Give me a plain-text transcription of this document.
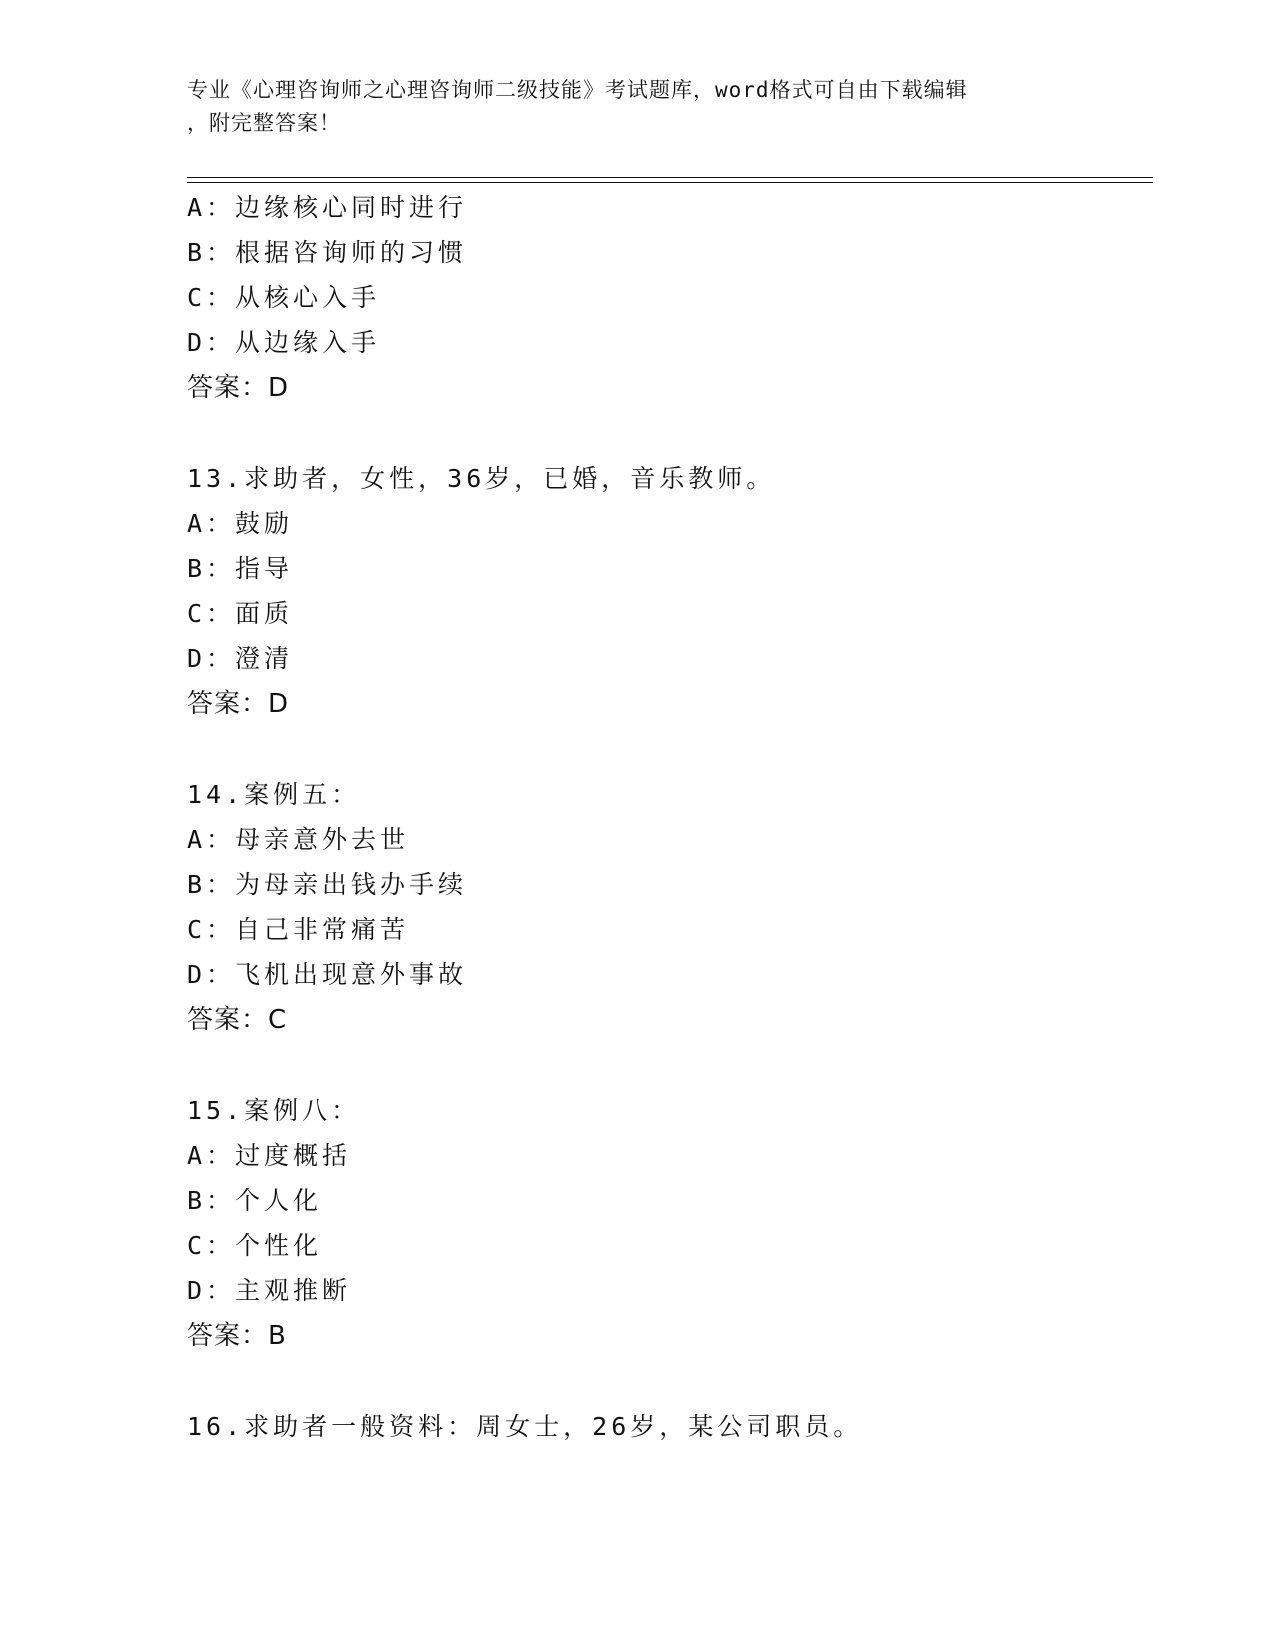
专业《心理咨询师之心理咨询师二级技能》考试题库，word格式可自由下载编辑
，附完整答案！
A：边缘核心同时进行
B：根据咨询师的习惯
C：从核心入手
D：从边缘入手
答案：D
13.求助者，女性，36岁，已婚，音乐教师。
A：鼓励
B：指导
C：面质
D：澄清
答案：D
14.案例五：
A：母亲意外去世
B：为母亲出钱办手续
C：自己非常痛苦
D：飞机出现意外事故
答案：C
15.案例八：
A：过度概括
B：个人化
C：个性化
D：主观推断
答案：B
16.求助者一般资料：周女士，26岁，某公司职员。
